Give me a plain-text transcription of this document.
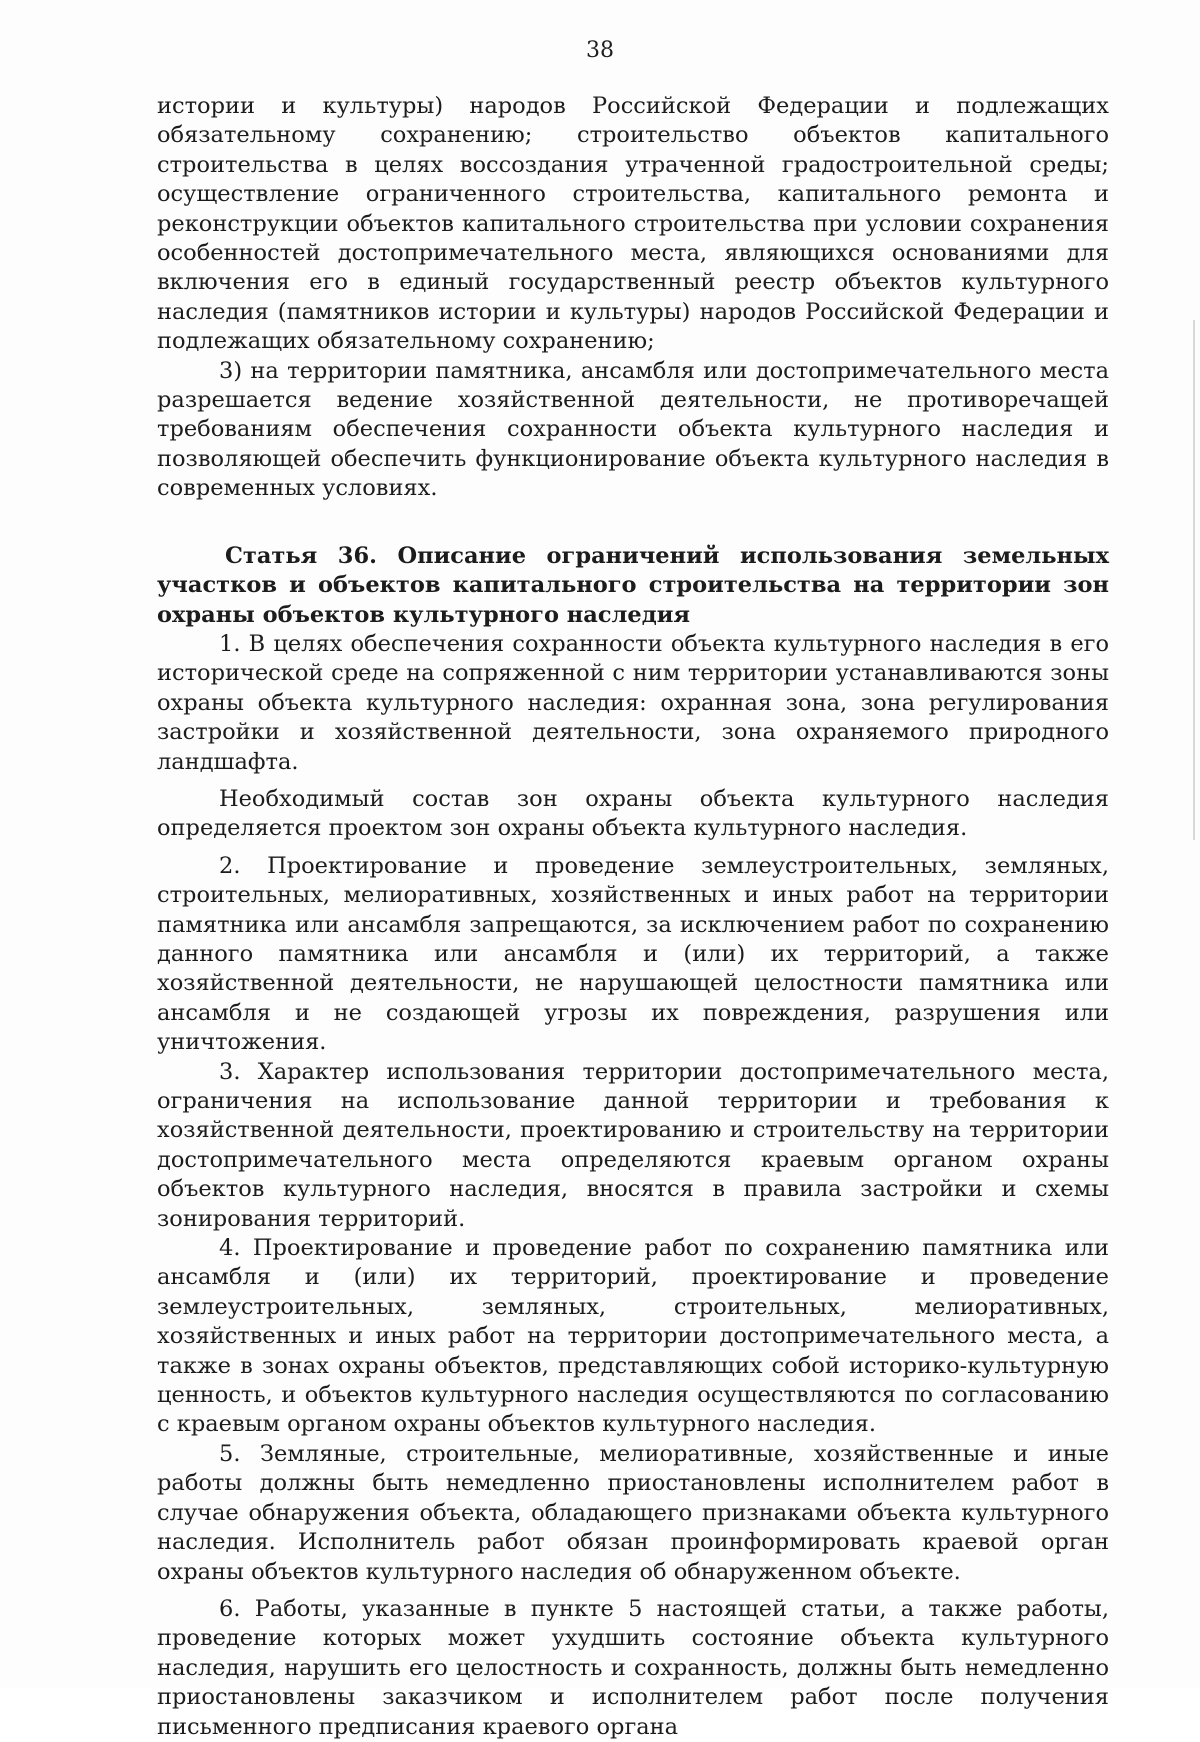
38

истории и культуры) народов Российской Федерации и подлежащих обязательному сохранению; строительство объектов капитального строительства в целях воссоздания утраченной градостроительной среды; осуществление ограниченного строительства, капитального ремонта и реконструкции объектов капитального строительства при условии сохранения особенностей достопримечательного места, являющихся основаниями для включения его в единый государственный реестр объектов культурного наследия (памятников истории и культуры) народов Российской Федерации и подлежащих обязательному сохранению;

3) на территории памятника, ансамбля или достопримечательного места разрешается ведение хозяйственной деятельности, не противоречащей требованиям обеспечения сохранности объекта культурного наследия и позволяющей обеспечить функционирование объекта культурного наследия в современных условиях.

Статья 36. Описание ограничений использования земельных участков и объектов капитального строительства на территории зон охраны объектов культурного наследия

1. В целях обеспечения сохранности объекта культурного наследия в его исторической среде на сопряженной с ним территории устанавливаются зоны охраны объекта культурного наследия: охранная зона, зона регулирования застройки и хозяйственной деятельности, зона охраняемого природного ландшафта.

Необходимый состав зон охраны объекта культурного наследия определяется проектом зон охраны объекта культурного наследия.

2. Проектирование и проведение землеустроительных, земляных, строительных, мелиоративных, хозяйственных и иных работ на территории памятника или ансамбля запрещаются, за исключением работ по сохранению данного памятника или ансамбля и (или) их территорий, а также хозяйственной деятельности, не нарушающей целостности памятника или ансамбля и не создающей угрозы их повреждения, разрушения или уничтожения.

3. Характер использования территории достопримечательного места, ограничения на использование данной территории и требования к хозяйственной деятельности, проектированию и строительству на территории достопримечательного места определяются краевым органом охраны объектов культурного наследия, вносятся в правила застройки и схемы зонирования территорий.

4. Проектирование и проведение работ по сохранению памятника или ансамбля и (или) их территорий, проектирование и проведение землеустроительных, земляных, строительных, мелиоративных, хозяйственных и иных работ на территории достопримечательного места, а также в зонах охраны объектов, представляющих собой историко-культурную ценность, и объектов культурного наследия осуществляются по согласованию с краевым органом охраны объектов культурного наследия.

5. Земляные, строительные, мелиоративные, хозяйственные и иные работы должны быть немедленно приостановлены исполнителем работ в случае обнаружения объекта, обладающего признаками объекта культурного наследия. Исполнитель работ обязан проинформировать краевой орган охраны объектов культурного наследия об обнаруженном объекте.

6. Работы, указанные в пункте 5 настоящей статьи, а также работы, проведение которых может ухудшить состояние объекта культурного наследия, нарушить его целостность и сохранность, должны быть немедленно приостановлены заказчиком и исполнителем работ после получения письменного предписания краевого органа
